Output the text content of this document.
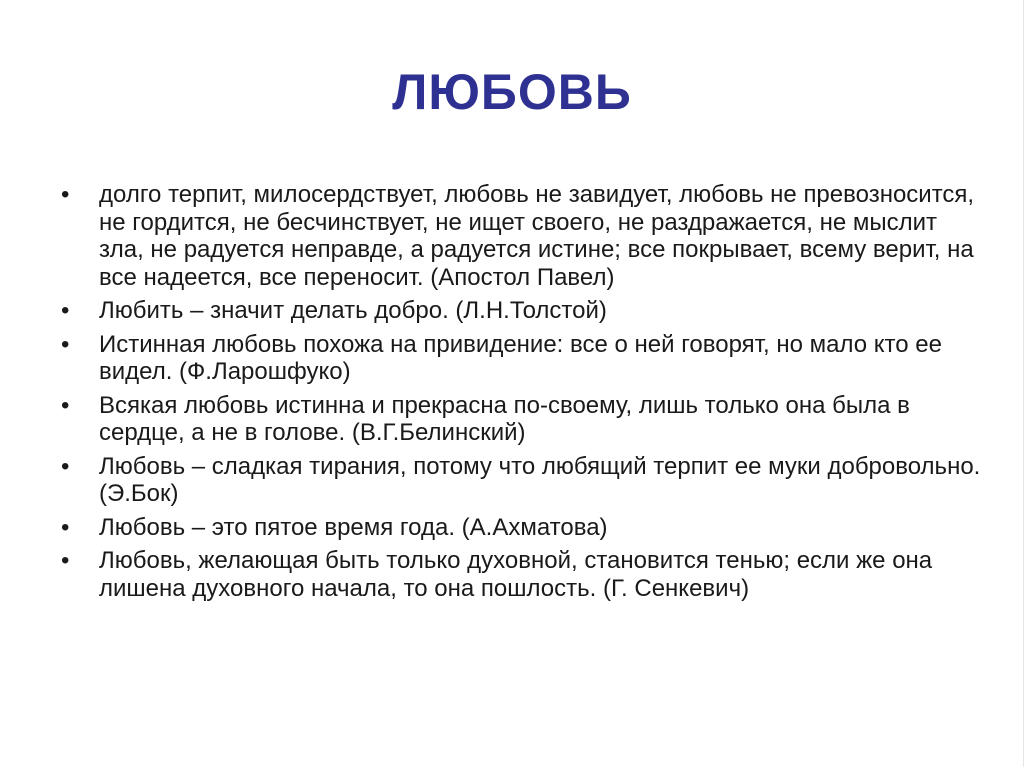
ЛЮБОВЬ
•	долго терпит, милосердствует, любовь не завидует, любовь не превозносится, не гордится, не бесчинствует, не ищет своего, не раздражается, не мыслит зла, не радуется неправде, а радуется истине; все покрывает, всему верит, на все надеется, все переносит. (Апостол Павел)
•	Любить – значит делать добро. (Л.Н.Толстой)
•	Истинная любовь похожа на привидение: все о ней говорят, но мало кто ее видел. (Ф.Ларошфуко)
•	Всякая любовь истинна и прекрасна по-своему, лишь только она была в сердце, а не в голове. (В.Г.Белинский)
•	Любовь – сладкая тирания, потому что любящий терпит ее муки добровольно. (Э.Бок)
•	Любовь – это пятое время года. (А.Ахматова)
•	Любовь, желающая быть только духовной, становится тенью; если же она лишена духовного начала, то она пошлость. (Г. Сенкевич)
